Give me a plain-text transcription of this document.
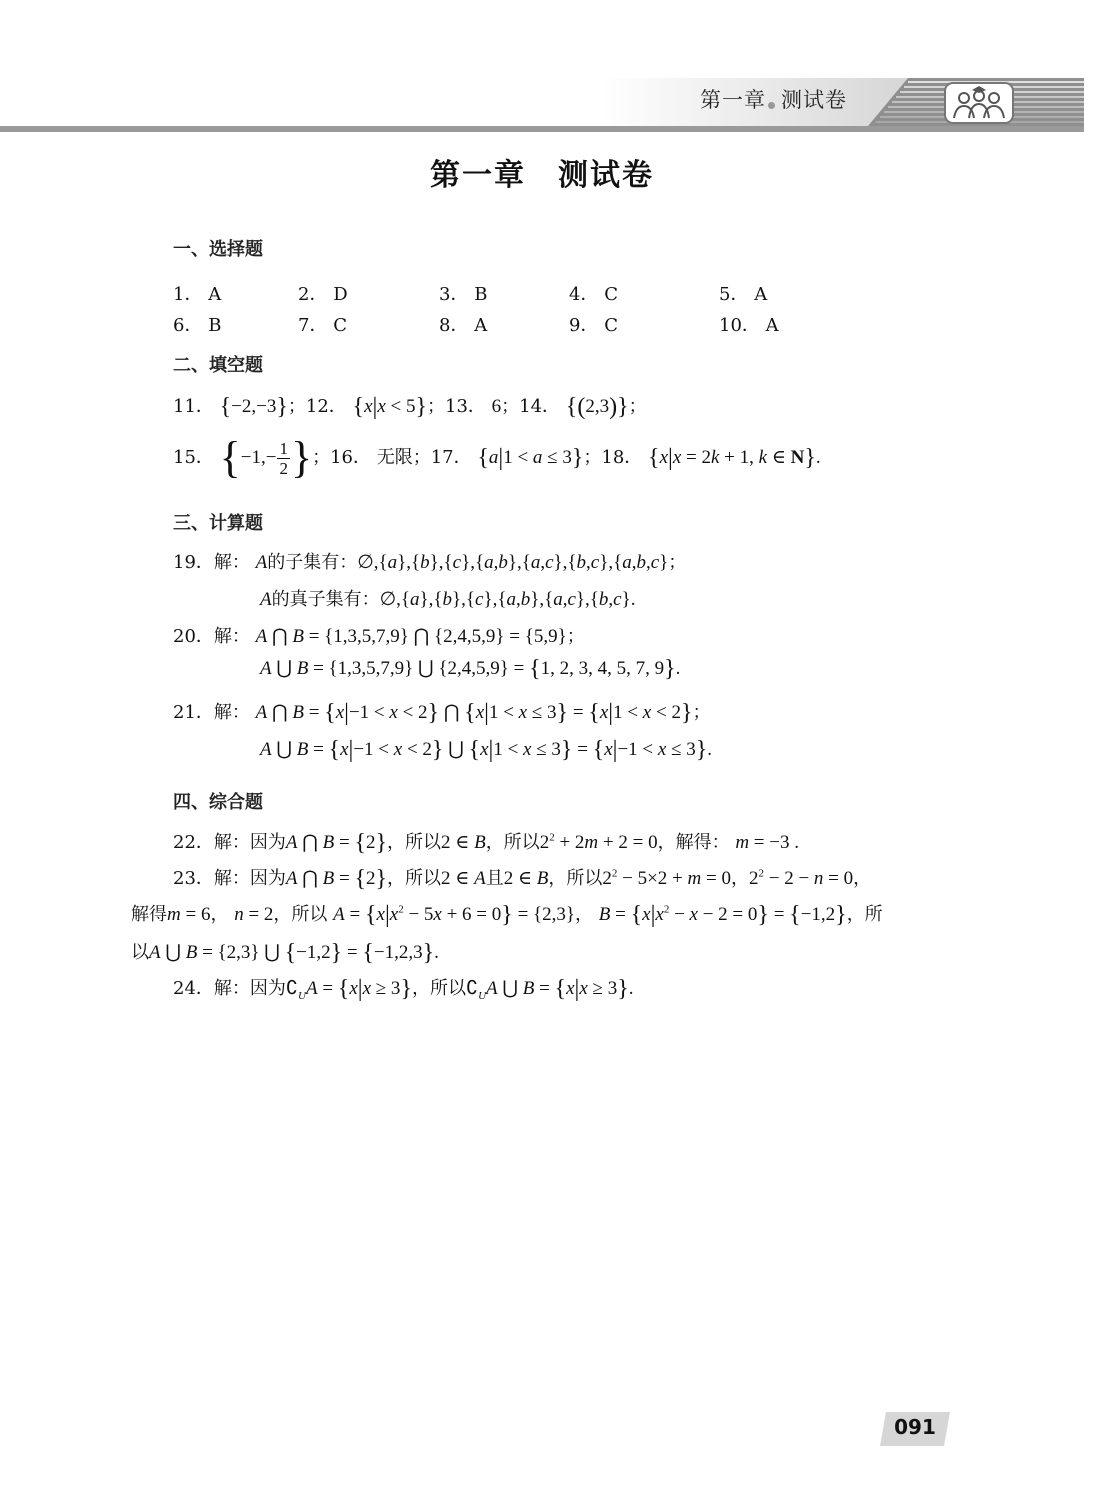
第一章 测试卷
第一章　测试卷
一、选择题
1． A	2． D	3． B	4． C	5． A
6． B	7． C	8． A	9． C	10． A
二、填空题
11． {−2,−3}；12． {x|x < 5}；13． 6；14． {(2,3)}；
15． {$-1,- \frac{1}{2}$ }；16． 无限；17． {a|1 < a ≤ 3}；18． {x|x = 2k + 1, k ∈ N}.
三、计算题
19．解： A的子集有：∅,{a},{b},{c},{a,b},{a,c},{b,c},{a,b,c}；
A的真子集有：∅,{a},{b},{c},{a,b},{a,c},{b,c}.
20．解： A ⋂ B = {1,3,5,7,9} ⋂ {2,4,5,9} = {5,9}；
A ⋃ B = {1,3,5,7,9} ⋃ {2,4,5,9} = {1, 2, 3, 4, 5, 7, 9}.
21．解： A ⋂ B = {x|−1 < x < 2} ⋂ {x|1 < x ≤ 3} = {x|1 < x < 2}；
A ⋃ B = {x|−1 < x < 2} ⋃ {x|1 < x ≤ 3} = {x|−1 < x ≤ 3}.
四、综合题
22．解：因为A ⋂ B = {2}，所以2 ∈ B，所以$2^2 + 2m + 2 = 0$，解得： m = −3 .
23．解：因为A ⋂ B = {2}，所以2 ∈ A且2 ∈ B，所以$2^2 - 5\times 2 + m = 0$，$2^2 - 2 - n = 0$，
解得m = 6， n = 2，所以 $A = \{x|x^2 - 5x + 6 = 0\} = \{2,3\}$， $B = \{x|x^2 - x - 2 = 0\} = \{-1,2\}$，所
以A ⋃ B = {2,3} ⋃ {−1,2} = {−1,2,3}.
24．解：因为$∁_UA = \{x|x \ge 3\}$，所以$∁_UA$ ⋃ B = {x|x ≥ 3}.
091
